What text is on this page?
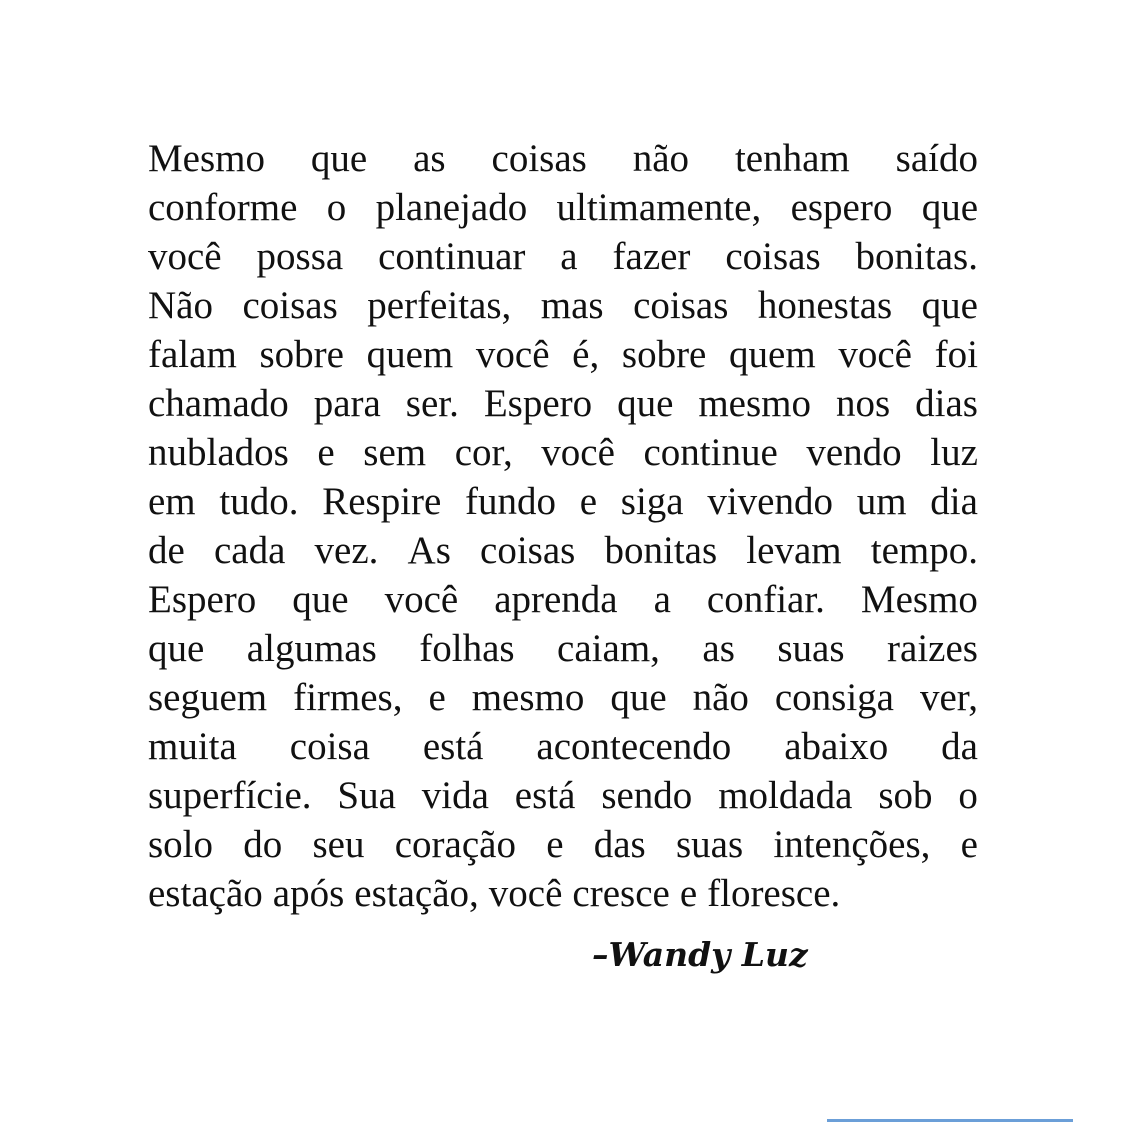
Mesmo que as coisas não tenham saído
conforme o planejado ultimamente, espero que
você possa continuar a fazer coisas bonitas.
Não coisas perfeitas, mas coisas honestas que
falam sobre quem você é, sobre quem você foi
chamado para ser. Espero que mesmo nos dias
nublados e sem cor, você continue vendo luz
em tudo. Respire fundo e siga vivendo um dia
de cada vez. As coisas bonitas levam tempo.
Espero que você aprenda a confiar. Mesmo
que algumas folhas caiam, as suas raizes
seguem firmes, e mesmo que não consiga ver,
muita coisa está acontecendo abaixo da
superfície. Sua vida está sendo moldada sob o
solo do seu coração e das suas intenções, e
estação após estação, você cresce e floresce.
–Wandy Luz
